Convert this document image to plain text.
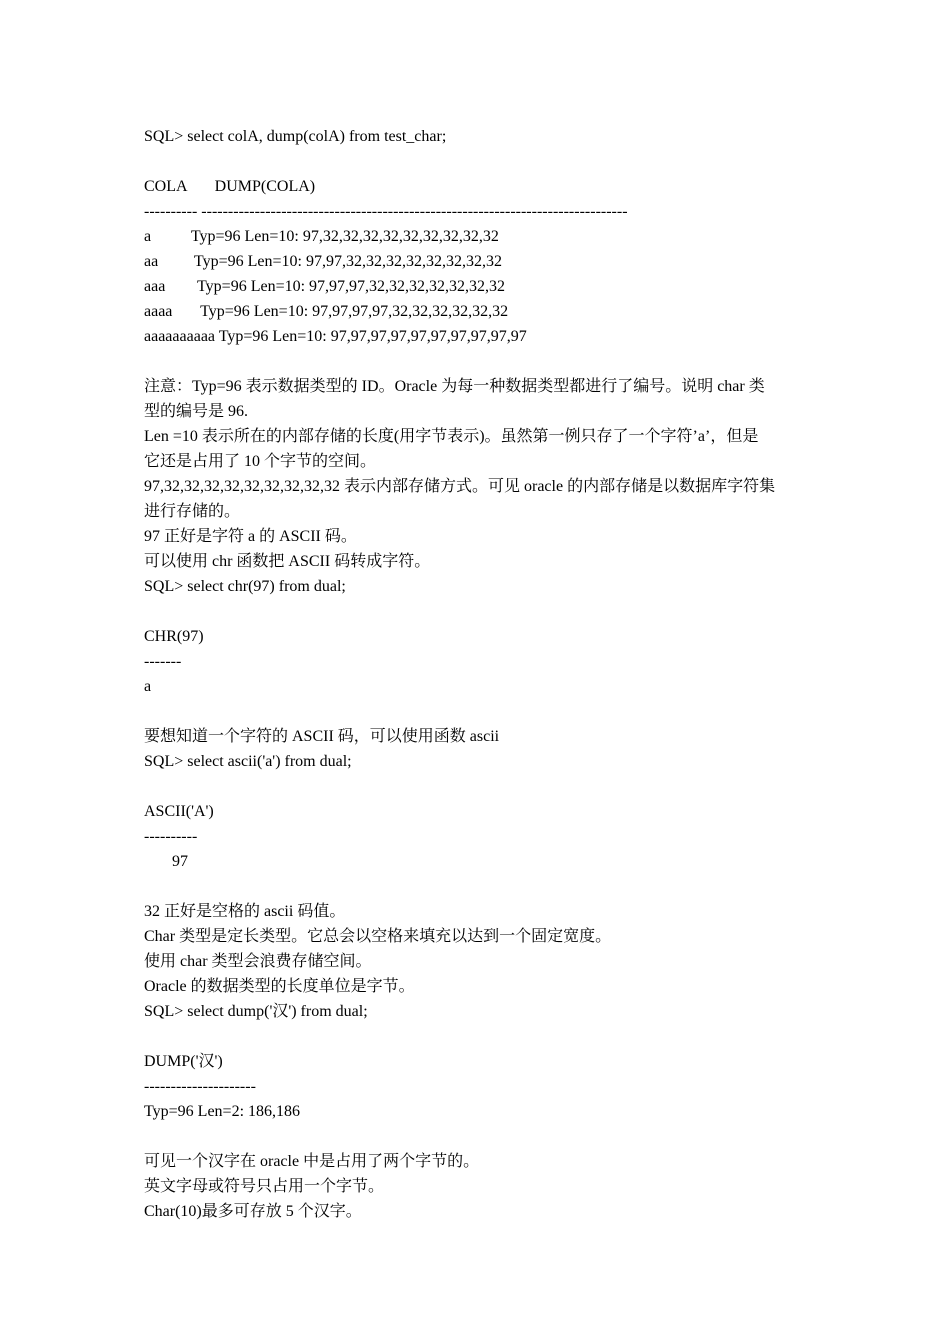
SQL> select colA, dump(colA) from test_char;
COLA       DUMP(COLA)
---------- --------------------------------------------------------------------------------
a          Typ=96 Len=10: 97,32,32,32,32,32,32,32,32,32
aa         Typ=96 Len=10: 97,97,32,32,32,32,32,32,32,32
aaa        Typ=96 Len=10: 97,97,97,32,32,32,32,32,32,32
aaaa       Typ=96 Len=10: 97,97,97,97,32,32,32,32,32,32
aaaaaaaaaa Typ=96 Len=10: 97,97,97,97,97,97,97,97,97,97
注意：Typ=96 表示数据类型的 ID。Oracle 为每一种数据类型都进行了编号。说明 char 类
型的编号是 96.
Len =10 表示所在的内部存储的长度(用字节表示)。虽然第一例只存了一个字符’a’，但是
它还是占用了 10 个字节的空间。
97,32,32,32,32,32,32,32,32,32 表示内部存储方式。可见 oracle 的内部存储是以数据库字符集
进行存储的。
97 正好是字符 a 的 ASCII 码。
可以使用 chr 函数把 ASCII 码转成字符。
SQL> select chr(97) from dual;
CHR(97)
-------
a
要想知道一个字符的 ASCII 码，可以使用函数 ascii
SQL> select ascii('a') from dual;
ASCII('A')
----------
97
32 正好是空格的 ascii 码值。
Char 类型是定长类型。它总会以空格来填充以达到一个固定宽度。
使用 char 类型会浪费存储空间。
Oracle 的数据类型的长度单位是字节。
SQL> select dump('汉') from dual;
DUMP('汉')
---------------------
Typ=96 Len=2: 186,186
可见一个汉字在 oracle 中是占用了两个字节的。
英文字母或符号只占用一个字节。
Char(10)最多可存放 5 个汉字。
